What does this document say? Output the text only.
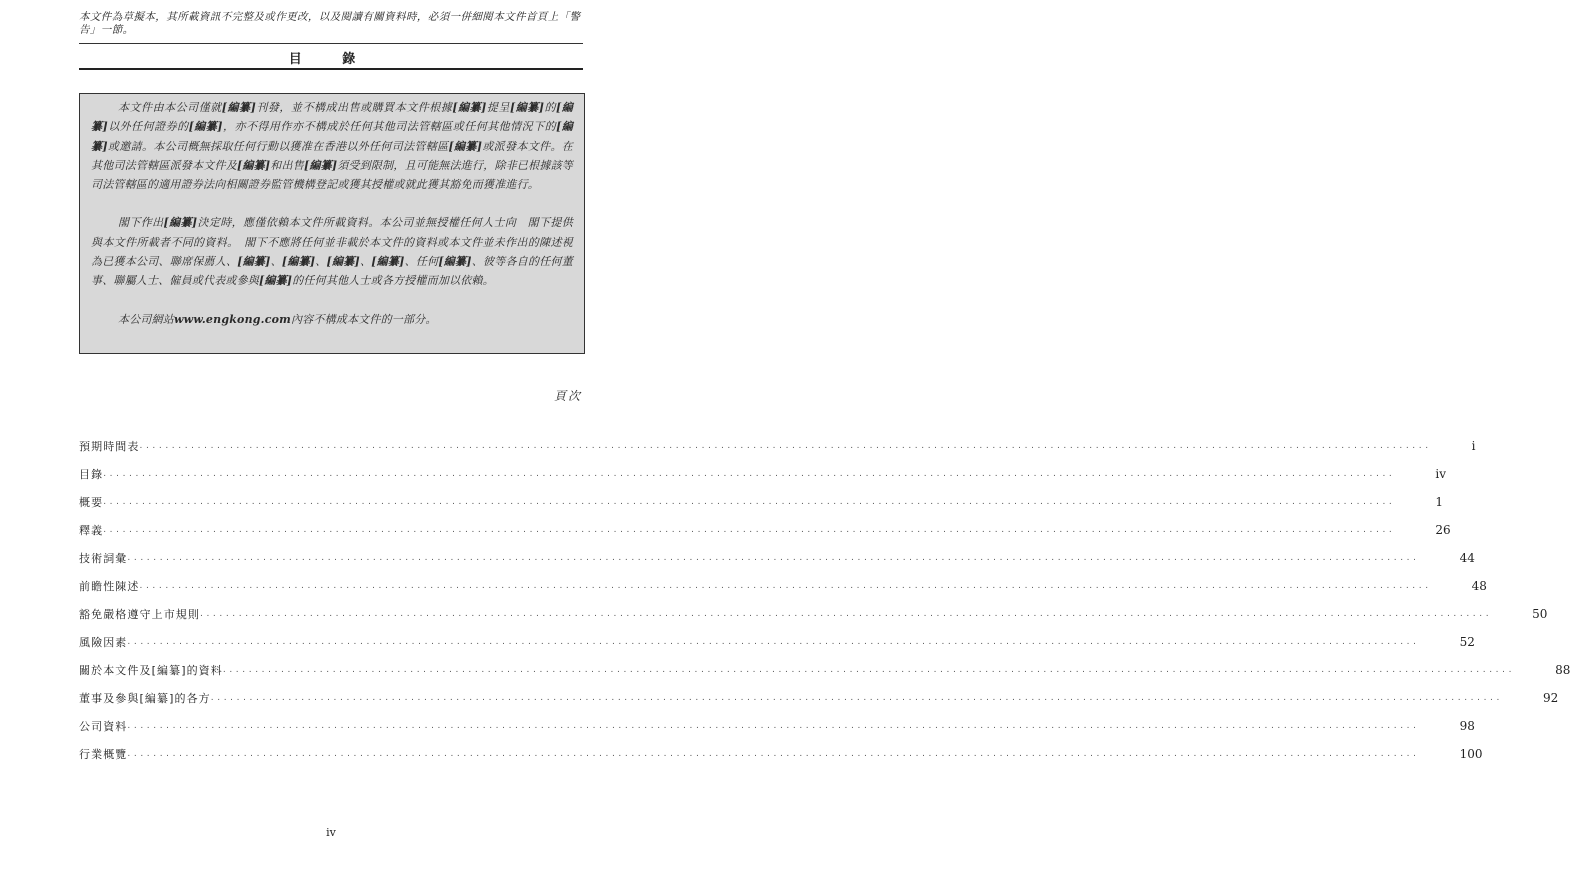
本文件為草擬本，其所載資訊不完整及或作更改，以及閱讀有關資料時，必須一併細閱本文件首頁上「警告」一節。
目 錄

本文件由本公司僅就[編纂]刊發，並不構成出售或購買本文件根據[編纂]提呈[編纂]的[編纂]以外任何證券的[編纂]，亦不得用作亦不構成於任何其他司法管轄區或任何其他情況下的[編纂]或邀請。本公司概無採取任何行動以獲准在香港以外任何司法管轄區[編纂]或派發本文件。在其他司法管轄區派發本文件及[編纂]和出售[編纂]須受到限制，且可能無法進行，除非已根據該等司法管轄區的適用證券法向相關證券監管機構登記或獲其授權或就此獲其豁免而獲准進行。

閣下作出[編纂]決定時，應僅依賴本文件所載資料。本公司並無授權任何人士向　閣下提供與本文件所載者不同的資料。　閣下不應將任何並非載於本文件的資料或本文件並未作出的陳述視為已獲本公司、聯席保薦人、[編纂]、[編纂]、[編纂]、[編纂]、任何[編纂]、彼等各自的任何董事、聯屬人士、僱員或代表或參與[編纂]的任何其他人士或各方授權而加以依賴。

本公司網站www.engkong.com內容不構成本文件的一部分。

頁次
預期時間表 ........................................................................................................................................................................................................	i
目錄 ........................................................................................................................................................................................................	iv
概要 ........................................................................................................................................................................................................	1
釋義 ........................................................................................................................................................................................................	26
技術詞彙 ........................................................................................................................................................................................................	44
前瞻性陳述 ........................................................................................................................................................................................................	48
豁免嚴格遵守上市規則 ........................................................................................................................................................................................................	50
風險因素 ........................................................................................................................................................................................................	52
關於本文件及[編纂]的資料 ........................................................................................................................................................................................................	88
董事及參與[編纂]的各方 ........................................................................................................................................................................................................	92
公司資料 ........................................................................................................................................................................................................	98
行業概覽 ........................................................................................................................................................................................................	100
iv
